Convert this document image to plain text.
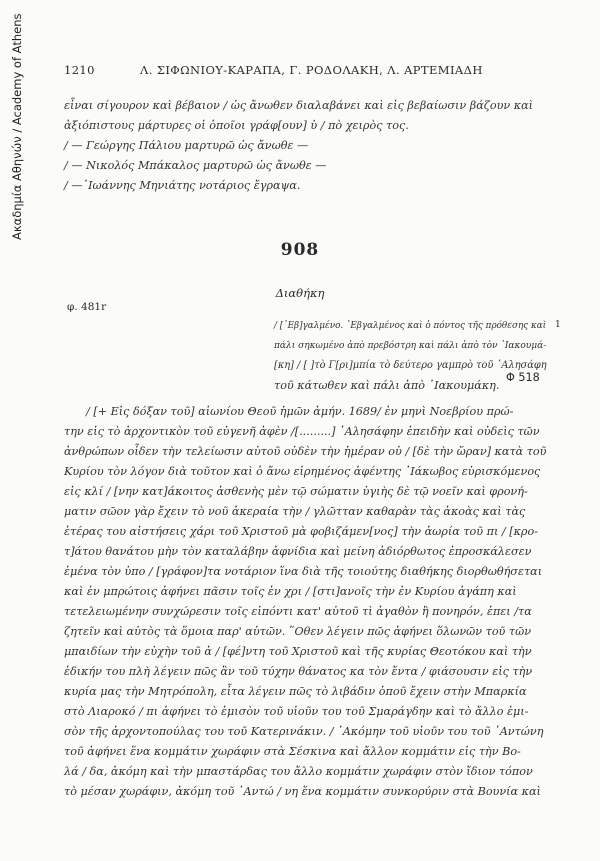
Ακαδημία Αθηνών / Academy of Athens	1210	Λ. ΣΙΦΩΝΙΟΥ-ΚΑΡΑΠΑ, Γ. ΡΟΔΟΛΑΚΗ, Λ. ΑΡΤΕΜΙΑΔΗ
εἶναι σίγουρον καὶ βέβαιον / ὡς ἄνωθεν διαλαβάνει καὶ εἰς βεβαίωσιν βάζουν καὶ
ἀξιόπιστους μάρτυρες οἱ ὁποῖοι γράφ[ουν] ὑ / πὸ χειρὸς τος.
/ — Γεώργης Πάλιου μαρτυρῶ ὡς ἄνωθε —
/ — Νικολός Μπάκαλος μαρτυρῶ ὡς ἄνωθε —
/ —᾿Ιωάννης Μηνιάτης νοτάριος ἔγραψα.
908
Διαθήκη
φ. 481r
1
/ [᾿Εβ]γαλμένο. ᾿Εβγαλμένος καὶ ὁ πόντος τῆς πρόθεσης καὶ
πάλι σηκωμένο ἀπὸ πρεβόστρη καὶ πάλι ἀπὸ τὸν ᾿Ιακουμά-
[κη] / [ ]τὸ Γ[ρι]μπία τὸ δεύτερο γαμπρὸ τοῦ ᾿Αλησάφη
τοῦ κάτωθεν καὶ πάλι ἀπὸ ᾿Ιακουμάκη.
Φ 518
/ [+ Εἰς δόξαν τοῦ] αἰωνίου Θεοῦ ἡμῶν ἀμήν. 1689/ ἐν μηνὶ Νοεβρίου πρώ-
την εἰς τὸ ἀρχοντικὸν τοῦ εὐγενῆ ἀφὲν /[.........] ᾿Αλησάφην ἐπειδὴν καὶ οὐδεὶς τῶν
ἀνθρώπων οἶδεν τὴν τελείωσιν αὐτοῦ οὐδὲν τὴν ἡμέραν οὐ / [δὲ τὴν ὥραν] κατὰ τοῦ
Κυρίου τὸν λόγον διὰ τοῦτον καὶ ὁ ἄνω εἰρημένος ἀφέντης ᾿Ιάκωβος εὑρισκόμενος
εἰς κλί / [νην κατ]άκοιτος ἀσθενὴς μὲν τῷ σώματιν ὑγιὴς δὲ τῷ νοεῖν καὶ φρονή-
ματιν σῶον γὰρ ἔχειν τὸ νοῦ ἀκεραία τὴν / γλῶτταν καθαρὰν τὰς ἀκοὰς καὶ τὰς
ἑτέρας του αἰστήσεις χάρι τοῦ Χριστοῦ μὰ φοβιζάμεν[νος] τὴν ἀωρία τοῦ πι / [κρο-
τ]άτου θανάτου μὴν τὸν καταλάβην ἀφνίδια καὶ μείνη ἀδιόρθωτος ἐπροσκάλεσεν
ἐμένα τὸν ὑπο / [γράφον]τα νοτάριον ἵνα διὰ τῆς τοιούτης διαθήκης διορθωθήσεται
καὶ ἐν μπρώτοις ἀφήνει πᾶσιν τοῖς ἐν χρι / [στι]ανοῖς τὴν ἐν Κυρίου ἀγάπη καὶ
τετελειωμένην συνχώρεσιν τοῖς εἰπόντι κατ' αὐτοῦ τὶ ἀγαθὸν ἢ πονηρόν, ἐπει /τα
ζητεῖν καὶ αὐτὸς τὰ ὅμοια παρ' αὐτῶν. ῞Οθεν λέγειν πῶς ἀφήνει ὅλωνῶν τοῦ τῶν
μπαιδίων τὴν εὐχὴν τοῦ ἀ / [φέ]ντη τοῦ Χριστοῦ καὶ τῆς κυρίας Θεοτόκου καὶ τὴν
ἐδικήν του πλὴ λέγειν πῶς ἂν τοῦ τύχην θάνατος κα τὸν ἔντα / φιάσουσιν εἰς τὴν
κυρία μας τὴν Μητρόπολη, εἶτα λέγειν πῶς τὸ λιβάδιν ὁποῦ ἔχειν στὴν Μπαρκία
στὸ Λιαροκό / πι ἀφήνει τὸ ἐμισὸν τοῦ υἱοῦν του τοῦ Σμαράγδην καὶ τὸ ἄλλο ἐμι-
σὸν τῆς ἀρχοντοπούλας του τοῦ Κατερινάκιν. / ᾿Ακόμην τοῦ υἱοῦν του τοῦ ᾿Αντώνη
τοῦ ἀφήνει ἕνα κομμάτιν χωράφιν στὰ Σέσκινα καὶ ἄλλον κομμάτιν εἰς τὴν Βο-
λά / δα, ἀκόμη καὶ τὴν μπαστάρδας του ἄλλο κομμάτιν χωράφιν στὸν ἴδιον τόπον
τὸ μέσαν χωράφιν, ἀκόμη τοῦ ᾿Αντώ / νη ἕνα κομμάτιν συνκορύριν στὰ Βουνία καὶ
